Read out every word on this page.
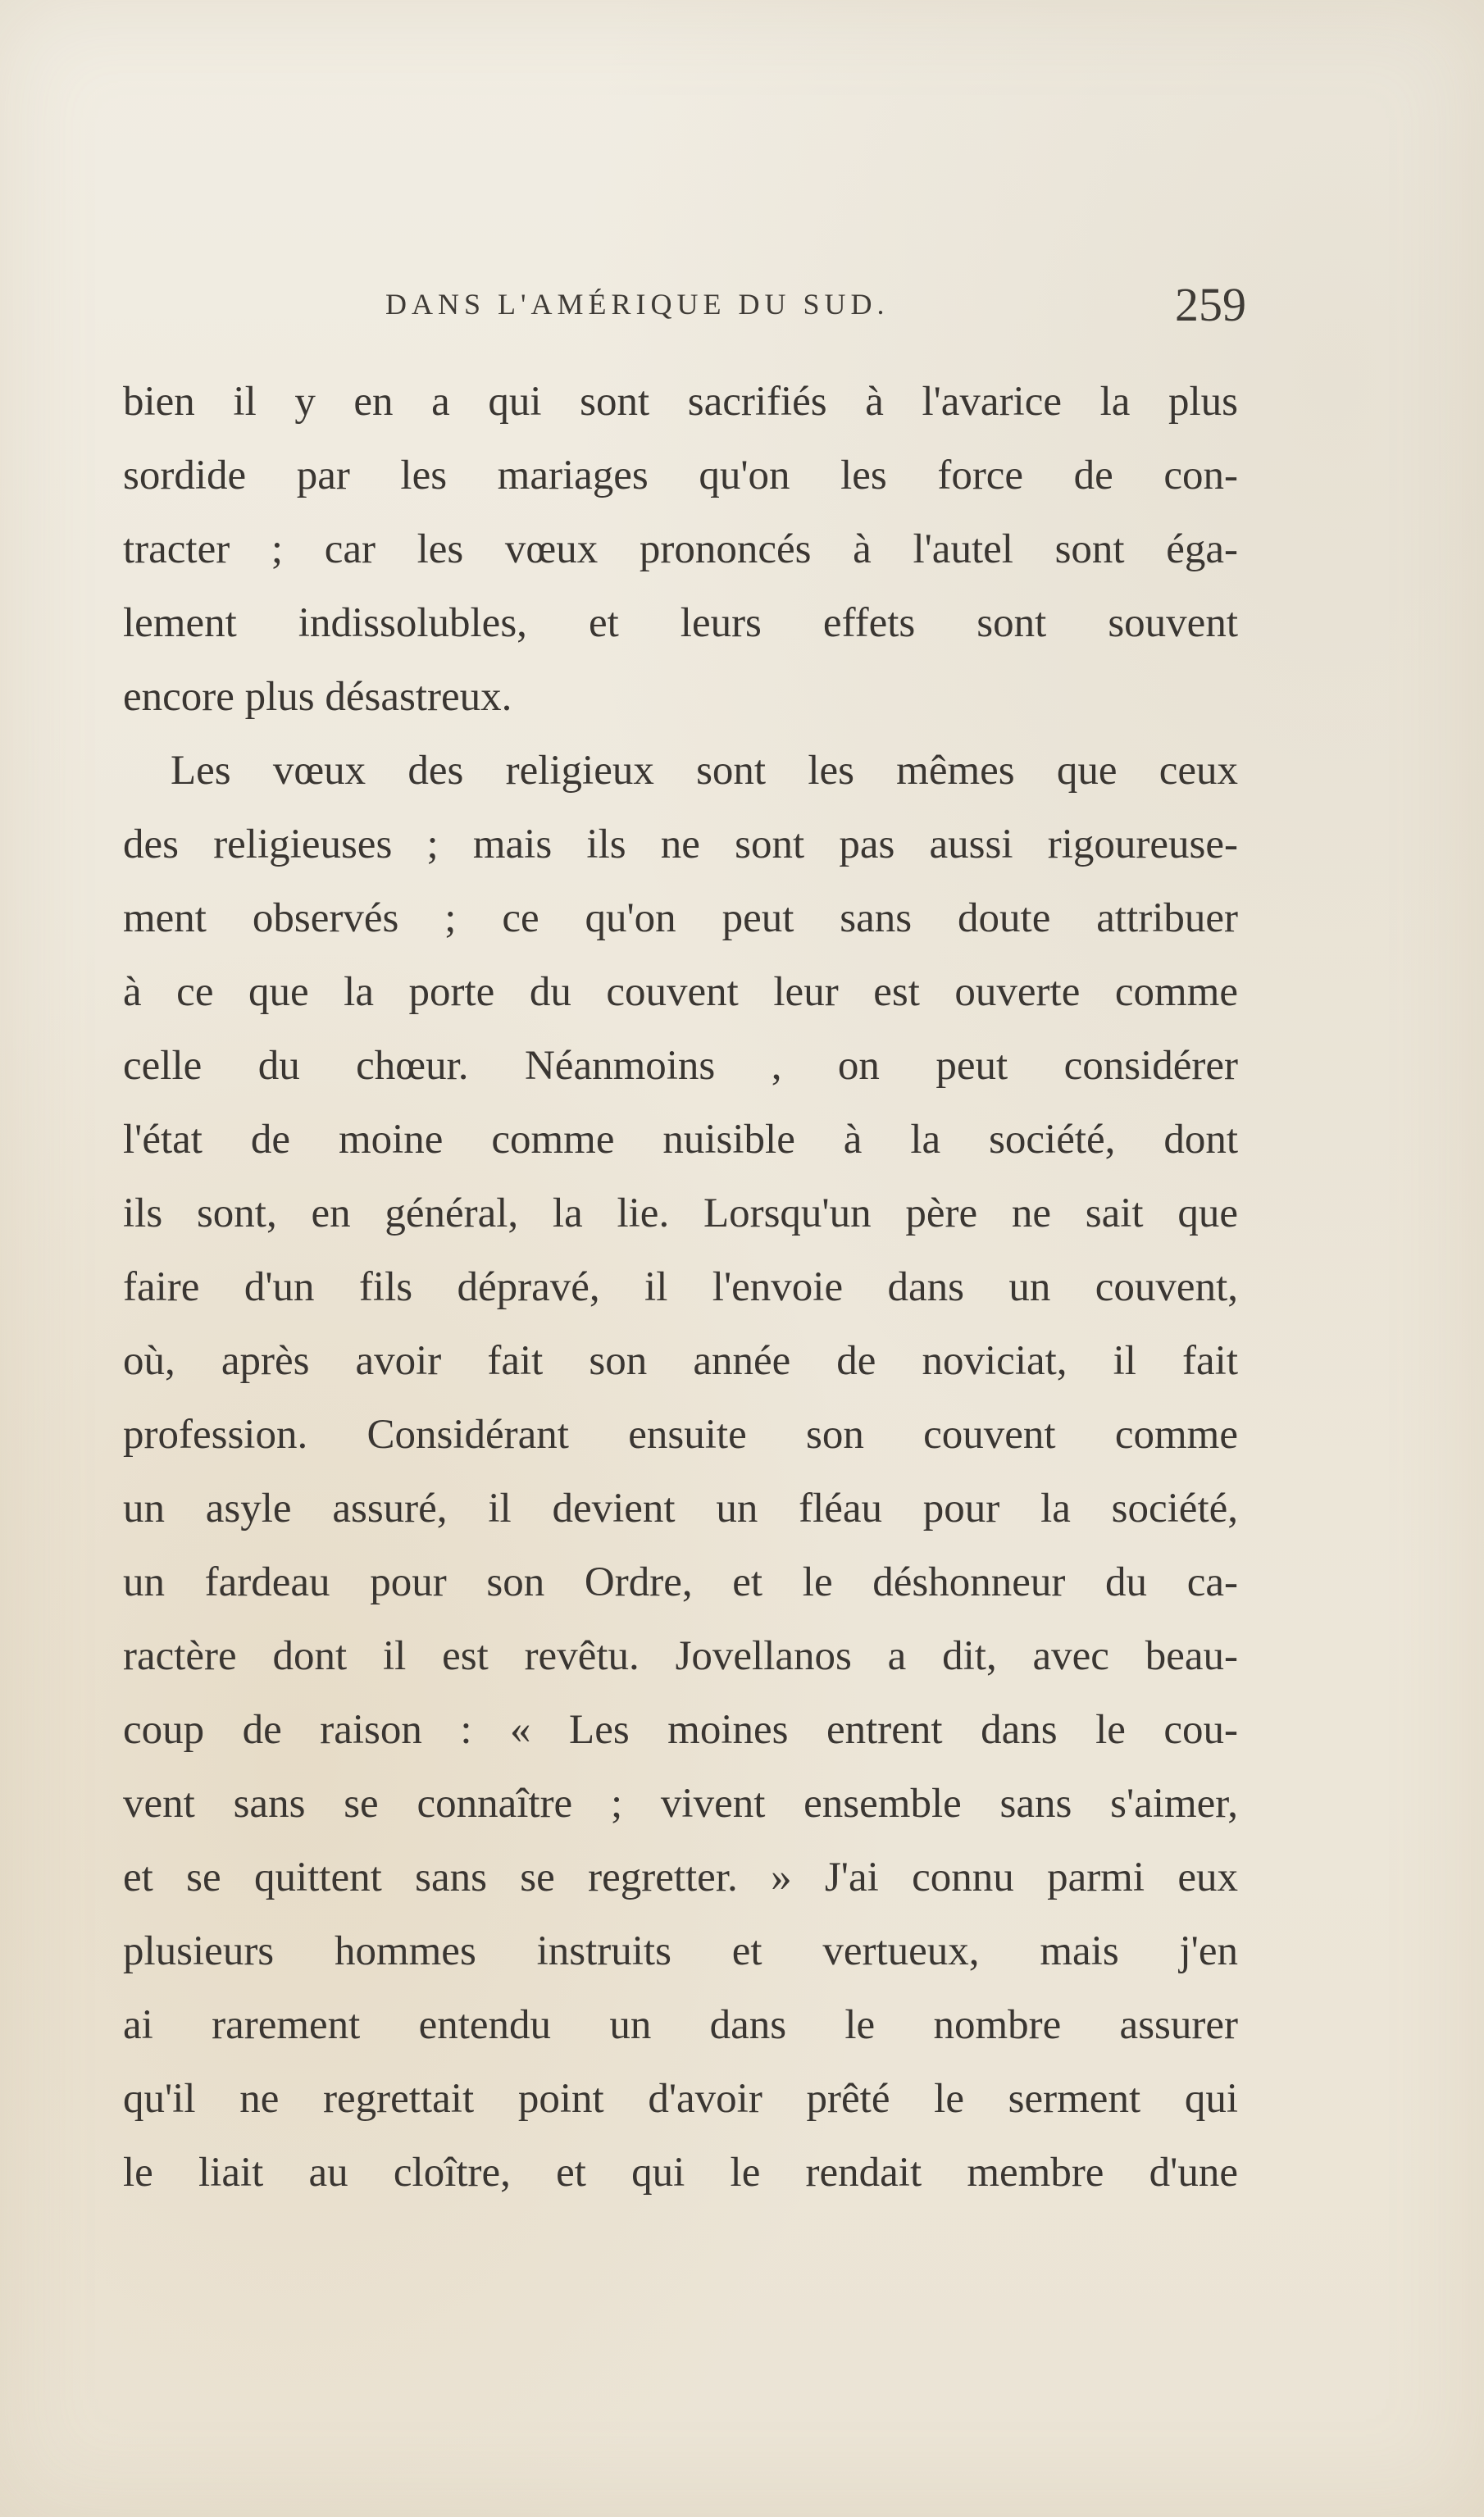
DANS L'AMÉRIQUE DU SUD.	259
bien il y en a qui sont sacrifiés à l'avarice la plus
sordide par les mariages qu'on les force de con-
tracter ; car les vœux prononcés à l'autel sont éga-
lement indissolubles, et leurs effets sont souvent
encore plus désastreux.
Les vœux des religieux sont les mêmes que ceux
des religieuses ; mais ils ne sont pas aussi rigoureuse-
ment observés ; ce qu'on peut sans doute attribuer
à ce que la porte du couvent leur est ouverte comme
celle du chœur. Néanmoins , on peut considérer
l'état de moine comme nuisible à la société, dont
ils sont, en général, la lie. Lorsqu'un père ne sait que
faire d'un fils dépravé, il l'envoie dans un couvent,
où, après avoir fait son année de noviciat, il fait
profession. Considérant ensuite son couvent comme
un asyle assuré, il devient un fléau pour la société,
un fardeau pour son Ordre, et le déshonneur du ca-
ractère dont il est revêtu. Jovellanos a dit, avec beau-
coup de raison : « Les moines entrent dans le cou-
vent sans se connaître ; vivent ensemble sans s'aimer,
et se quittent sans se regretter. » J'ai connu parmi eux
plusieurs hommes instruits et vertueux, mais j'en
ai rarement entendu un dans le nombre assurer
qu'il ne regrettait point d'avoir prêté le serment qui
le liait au cloître, et qui le rendait membre d'une
